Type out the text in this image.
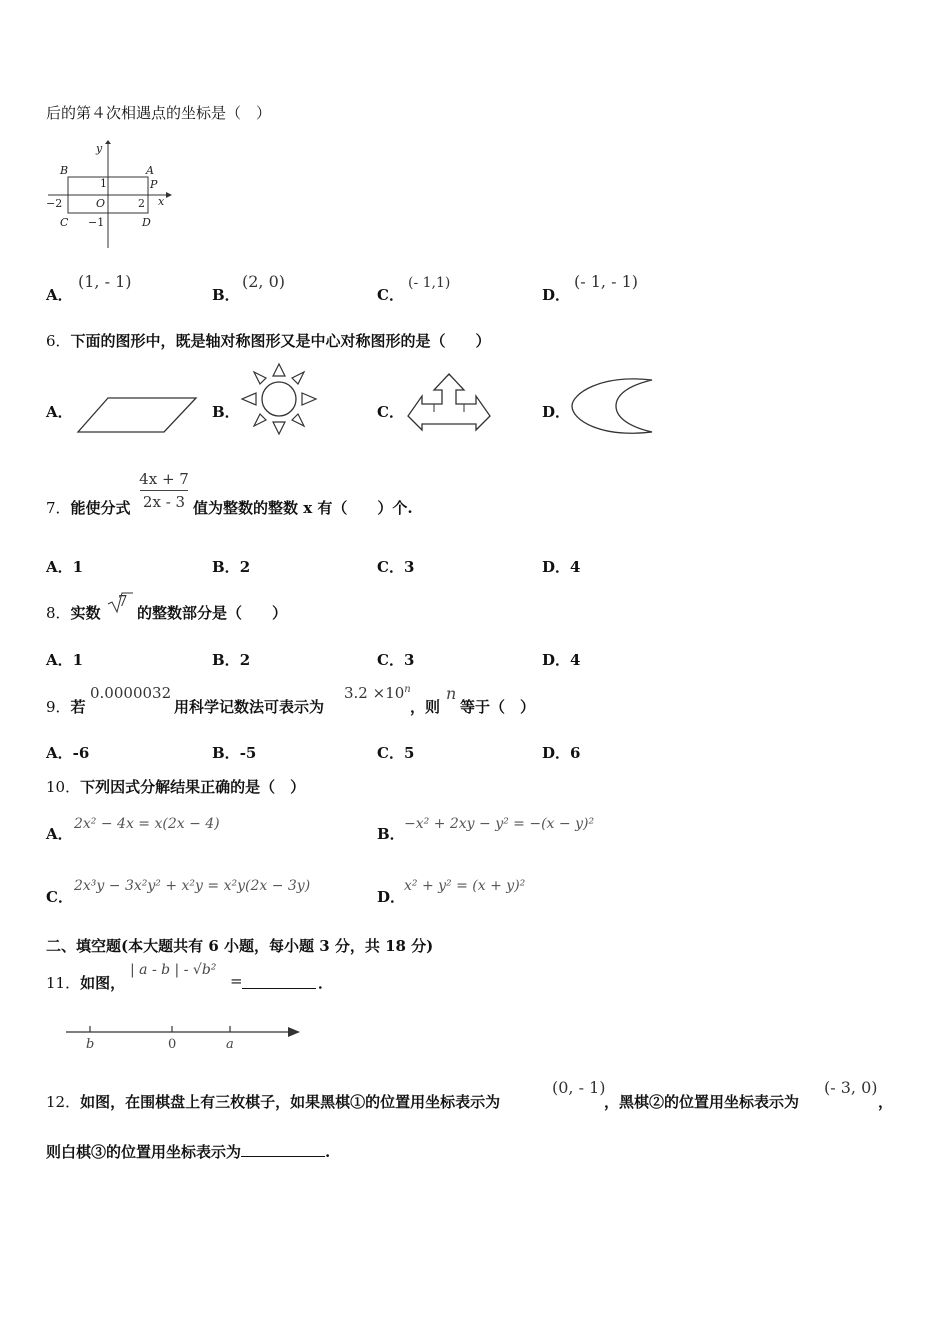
后的第４次相遇点的坐标是（　）
y
B	A
P
x
O
C	D
1
−2	2
−1
A．
(1, - 1)
B．
(2, 0)
C．
(- 1,1)
D．
(- 1, - 1)
6．下面的图形中，既是轴对称图形又是中心对称图形的是（　　）
A．	B．	C．	D．
7．能使分式	值为整数的整数 x 有（　　）个.
4x + 7
2x - 3
A．1	B．2	C．3	D．4
8．实数 的整数部分是（　　）
7
A．1	B．2	C．3	D．4
9．若
0.0000032
用科学记数法可表示为
$3.2 \times 10^n$
，则
n
等于（　）
A．-6	B．-5	C．5	D．6
10．下列因式分解结果正确的是（　）
A．
2x² − 4x = x(2x − 4)
B．
−x² + 2xy − y² = −(x − y)²
C．
2x³y − 3x²y² + x²y = x²y(2x − 3y)
D．
x² + y² = (x + y)²
二、填空题(本大题共有 6 小题，每小题 3 分，共 18 分)
11．如图，
| a - b | - √b²
=	．
b	0	a
12．如图，在围棋盘上有三枚棋子，如果黑棋①的位置用坐标表示为
(0, - 1)
，黑棋②的位置用坐标表示为
(- 3, 0)
，
则白棋③的位置用坐标表示为	.
